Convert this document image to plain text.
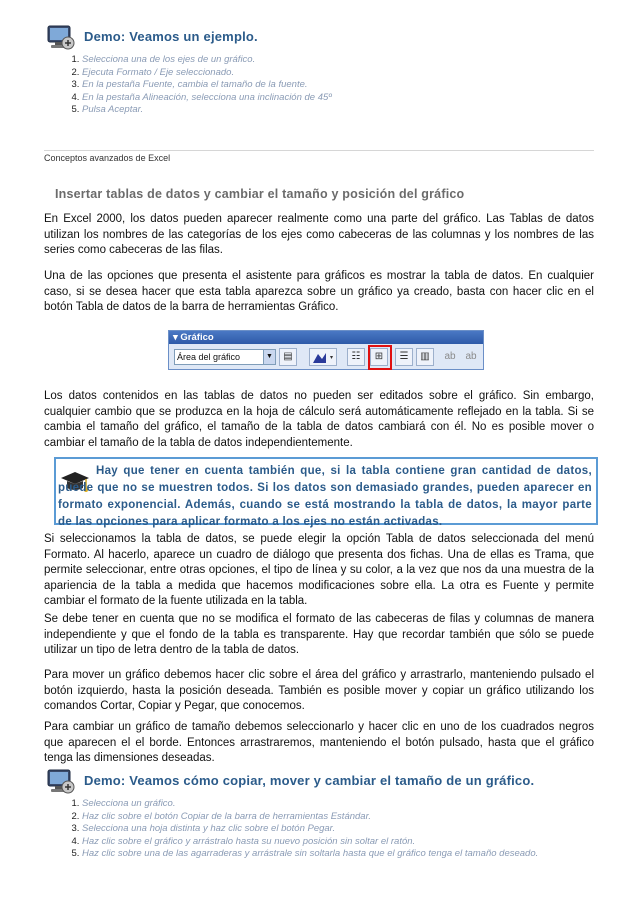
Demo: Veamos un ejemplo.
1. Selecciona una de los ejes de un gráfico.
2. Ejecuta Formato / Eje seleccionado.
3. En la pestaña Fuente, cambia el tamaño de la fuente.
4. En la pestaña Alineación, selecciona una inclinación de 45º
5. Pulsa Aceptar.
Conceptos avanzados de Excel
Insertar tablas de datos y cambiar el tamaño y posición del gráfico
En Excel 2000, los datos pueden aparecer realmente como una parte del gráfico. Las Tablas de datos utilizan los nombres de las categorías de los ejes como cabeceras de las columnas y los nombres de las series como cabeceras de las filas.
Una de las opciones que presenta el asistente para gráficos es mostrar la tabla de datos. En cualquier caso, si se desea hacer que esta tabla aparezca sobre un gráfico ya creado, basta con hacer clic en el botón Tabla de datos de la barra de herramientas Gráfico.
▾ Gráfico
Área del gráfico	▼	▤	☷	⊞	☰	▥	ab ab
Los datos contenidos en las tablas de datos no pueden ser editados sobre el gráfico. Sin embargo, cualquier cambio que se produzca en la hoja de cálculo será automáticamente reflejado en la tabla. Si se cambia el tamaño del gráfico, el tamaño de la tabla de datos cambiará con él. No es posible mover o cambiar el tamaño de la tabla de datos independientemente.
Hay que tener en cuenta también que, si la tabla contiene gran cantidad de datos, puede que no se muestren todos. Si los datos son demasiado grandes, pueden aparecer en formato exponencial. Además, cuando se está mostrando la tabla de datos, la mayor parte de las opciones para aplicar formato a los ejes no están activadas.
Si seleccionamos la tabla de datos, se puede elegir la opción Tabla de datos seleccionada del menú Formato. Al hacerlo, aparece un cuadro de diálogo que presenta dos fichas. Una de ellas es Trama, que permite seleccionar, entre otras opciones, el tipo de línea y su color, a la vez que nos da una muestra de la apariencia de la tabla a medida que hacemos modificaciones sobre ella. La otra es Fuente y permite cambiar el formato de la fuente utilizada en la tabla.
Se debe tener en cuenta que no se modifica el formato de las cabeceras de filas y columnas de manera independiente y que el fondo de la tabla es transparente. Hay que recordar también que sólo se puede utilizar un tipo de letra dentro de la tabla de datos.
Para mover un gráfico debemos hacer clic sobre el área del gráfico y arrastrarlo, manteniendo pulsado el botón izquierdo, hasta la posición deseada. También es posible mover y copiar un gráfico utilizando los comandos Cortar, Copiar y Pegar, que conocemos.
Para cambiar un gráfico de tamaño debemos seleccionarlo y hacer clic en uno de los cuadrados negros que aparecen el el borde. Entonces arrastraremos, manteniendo el botón pulsado, hasta que el gráfico tenga las dimensiones deseadas.
Demo: Veamos cómo copiar, mover y cambiar el tamaño de un gráfico.
1. Selecciona un gráfico.
2. Haz clic sobre el botón Copiar de la barra de herramientas Estándar.
3. Selecciona una hoja distinta y haz clic sobre el botón Pegar.
4. Haz clic sobre el gráfico y arrástralo hasta su nuevo posición sin soltar el ratón.
5. Haz clic sobre una de las agarraderas y arrástrale sin soltarla hasta que el gráfico tenga el tamaño deseado.
